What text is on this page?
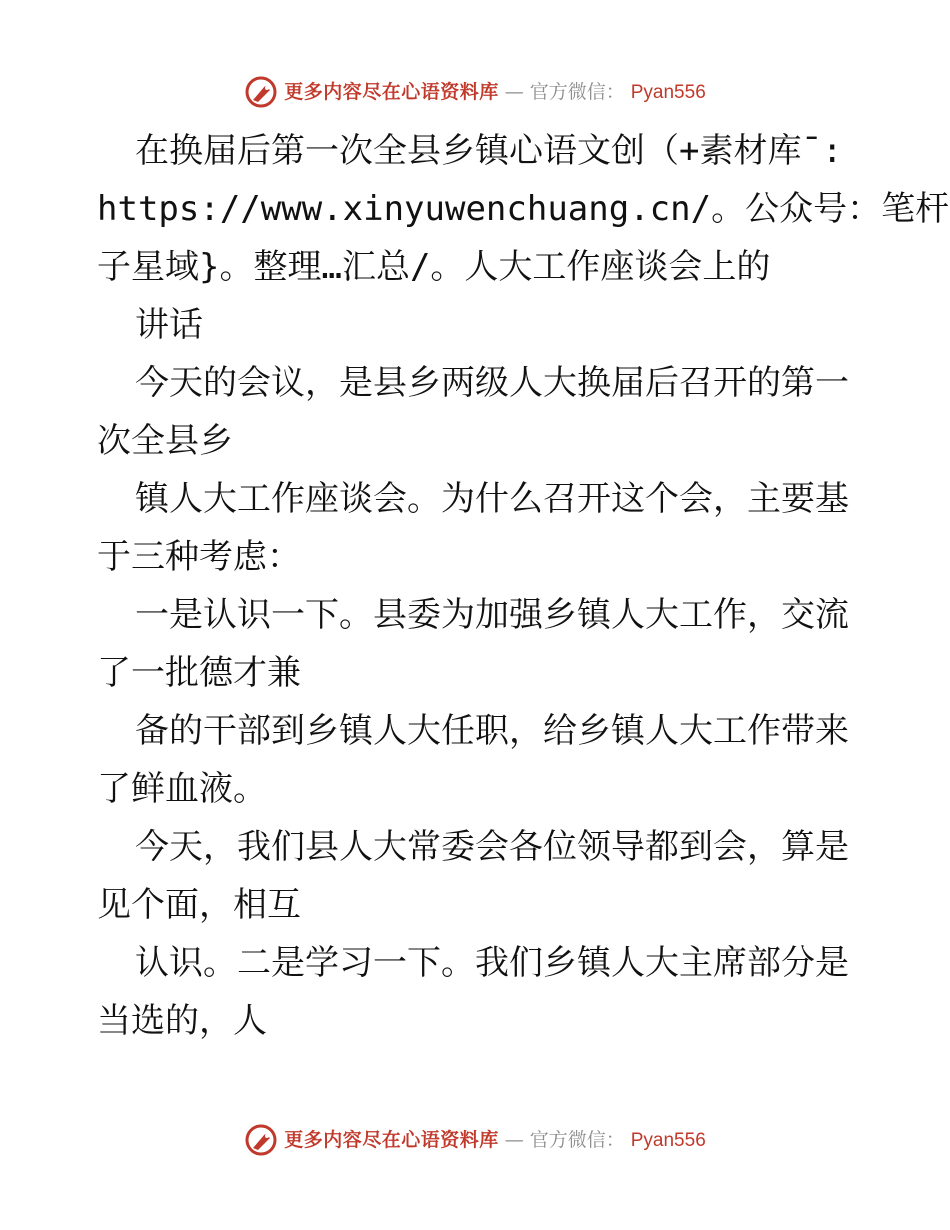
更多内容尽在心语资料库 — 官方微信： Pyan556
在换届后第一次全县乡镇心语文创（+素材库¯:
https://www.xinyuwenchuang.cn/。公众号：笔杆
子星域}。整理…汇总/。人大工作座谈会上的
讲话
今天的会议，是县乡两级人大换届后召开的第一
次全县乡
镇人大工作座谈会。为什么召开这个会，主要基
于三种考虑：
一是认识一下。县委为加强乡镇人大工作，交流
了一批德才兼
备的干部到乡镇人大任职，给乡镇人大工作带来
了鲜血液。
今天，我们县人大常委会各位领导都到会，算是
见个面，相互
认识。二是学习一下。我们乡镇人大主席部分是
当选的，人
更多内容尽在心语资料库 — 官方微信： Pyan556
